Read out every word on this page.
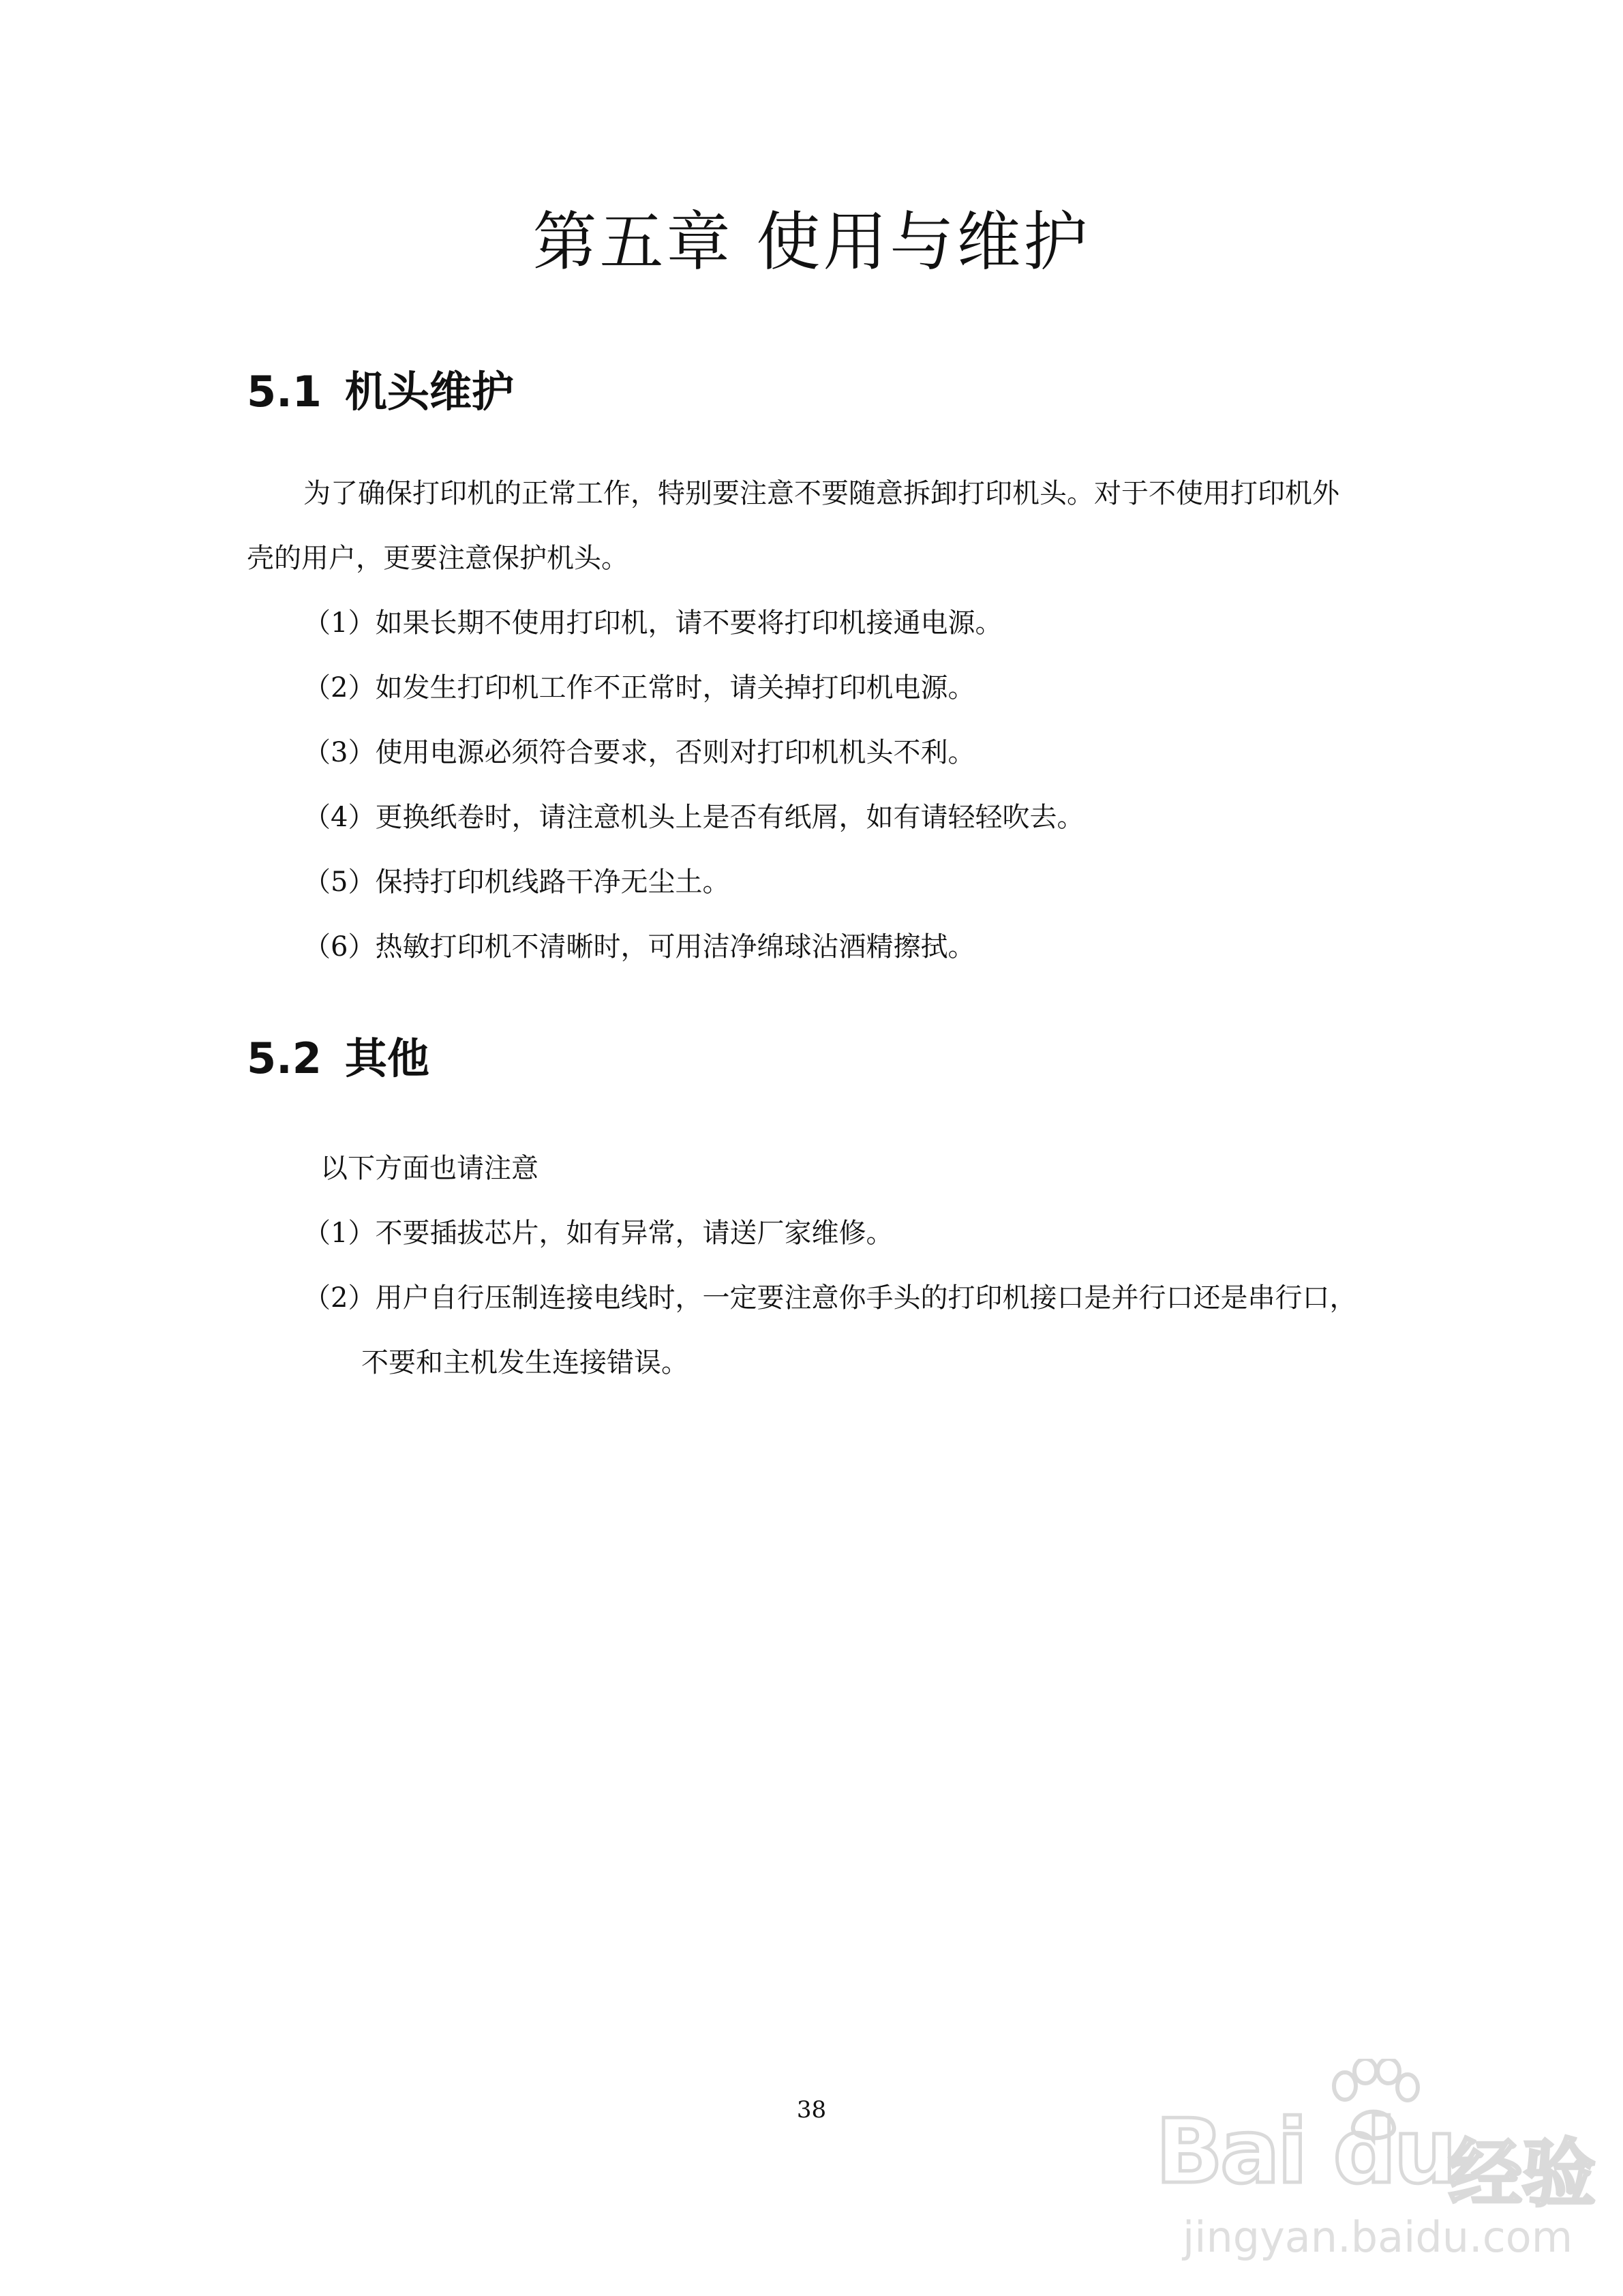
第五章 使用与维护
5.1 机头维护

为了确保打印机的正常工作，特别要注意不要随意拆卸打印机头。对于不使用打印机外

壳的用户，更要注意保护机头。

（1）如果长期不使用打印机，请不要将打印机接通电源。

（2）如发生打印机工作不正常时，请关掉打印机电源。

（3）使用电源必须符合要求，否则对打印机机头不利。

（4）更换纸卷时，请注意机头上是否有纸屑，如有请轻轻吹去。

（5）保持打印机线路干净无尘土。

（6）热敏打印机不清晰时，可用洁净绵球沾酒精擦拭。

5.2 其他

以下方面也请注意

（1）不要插拔芯片，如有异常，请送厂家维修。

（2）用户自行压制连接电线时，一定要注意你手头的打印机接口是并行口还是串行口，

不要和主机发生连接错误。

38	Bai du
经验
jingyan.baidu.com
